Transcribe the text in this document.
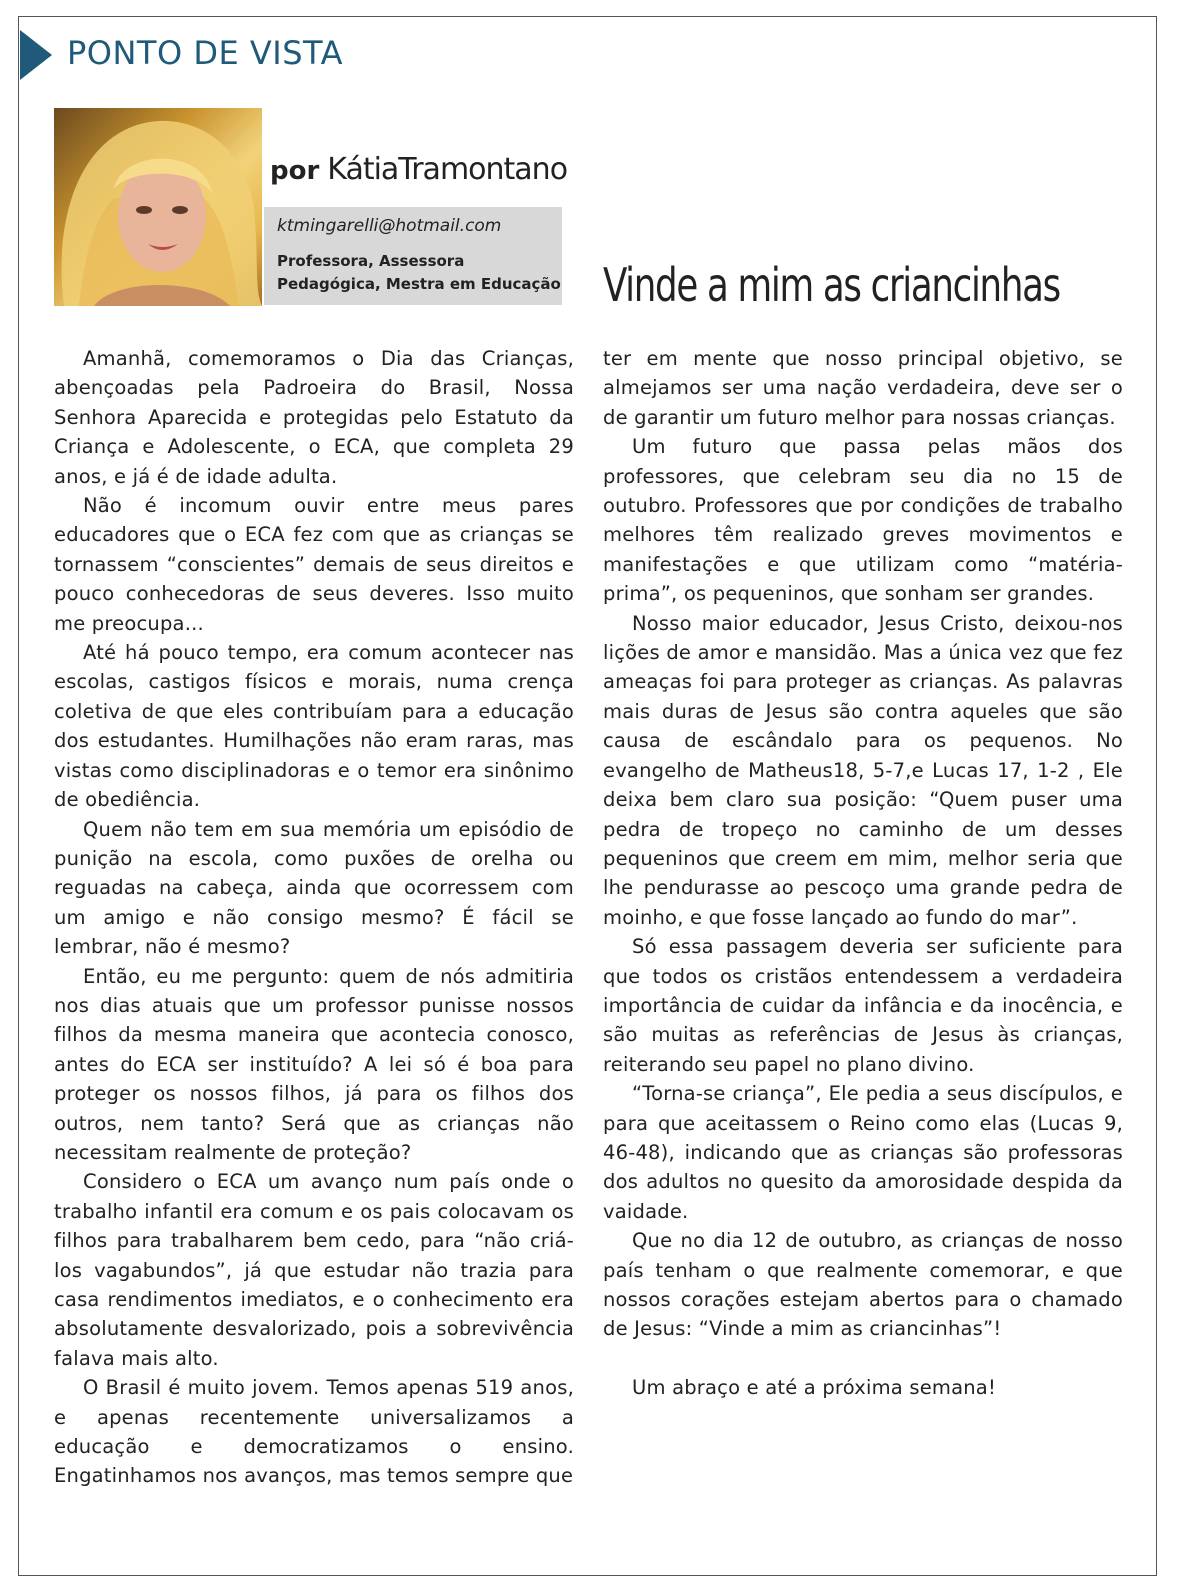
PONTO DE VISTA
por KátiaTramontano
ktmingarelli@hotmail.com
Professora, Assessora Pedagógica, Mestra em Educação Vinde a mim as criancinhas

Amanhã, comemoramos o Dia das Crianças, abençoadas pela Padroeira do Brasil, Nossa Senhora Aparecida e protegidas pelo Estatuto da Criança e Adolescente, o ECA, que completa 29 anos, e já é de idade adulta.

Não é incomum ouvir entre meus pares educadores que o ECA fez com que as crianças se tornassem “conscientes” demais de seus direitos e pouco conhecedoras de seus deveres. Isso muito me preocupa...

Até há pouco tempo, era comum acontecer nas escolas, castigos físicos e morais, numa crença coletiva de que eles contribuíam para a educação dos estudantes. Humilhações não eram raras, mas vistas como disciplinadoras e o temor era sinônimo de obediência.

Quem não tem em sua memória um episódio de punição na escola, como puxões de orelha ou reguadas na cabeça, ainda que ocorressem com um amigo e não consigo mesmo? É fácil se lembrar, não é mesmo?

Então, eu me pergunto: quem de nós admitiria nos dias atuais que um professor punisse nossos filhos da mesma maneira que acontecia conosco, antes do ECA ser instituído? A lei só é boa para proteger os nossos filhos, já para os filhos dos outros, nem tanto? Será que as crianças não necessitam realmente de proteção?

Considero o ECA um avanço num país onde o trabalho infantil era comum e os pais colocavam os filhos para trabalharem bem cedo, para “não criá-los vagabundos”, já que estudar não trazia para casa rendimentos imediatos, e o conhecimento era absolutamente desvalorizado, pois a sobrevivência falava mais alto.

O Brasil é muito jovem. Temos apenas 519 anos, e apenas recentemente universalizamos a educação e democratizamos o ensino. Engatinhamos nos avanços, mas temos sempre que

ter em mente que nosso principal objetivo, se almejamos ser uma nação verdadeira, deve ser o de garantir um futuro melhor para nossas crianças.

Um futuro que passa pelas mãos dos professores, que celebram seu dia no 15 de outubro. Professores que por condições de trabalho melhores têm realizado greves movimentos e manifestações e que utilizam como “matéria-prima”, os pequeninos, que sonham ser grandes.

Nosso maior educador, Jesus Cristo, deixou-nos lições de amor e mansidão. Mas a única vez que fez ameaças foi para proteger as crianças. As palavras mais duras de Jesus são contra aqueles que são causa de escândalo para os pequenos. No evangelho de Matheus18, 5-7,e Lucas 17, 1-2 , Ele deixa bem claro sua posição: “Quem puser uma pedra de tropeço no caminho de um desses pequeninos que creem em mim, melhor seria que lhe pendurasse ao pescoço uma grande pedra de moinho, e que fosse lançado ao fundo do mar”.

Só essa passagem deveria ser suficiente para que todos os cristãos entendessem a verdadeira importância de cuidar da infância e da inocência, e são muitas as referências de Jesus às crianças, reiterando seu papel no plano divino.

“Torna-se criança”, Ele pedia a seus discípulos, e para que aceitassem o Reino como elas (Lucas 9, 46-48), indicando que as crianças são professoras dos adultos no quesito da amorosidade despida da vaidade.

Que no dia 12 de outubro, as crianças de nosso país tenham o que realmente comemorar, e que nossos corações estejam abertos para o chamado de Jesus: “Vinde a mim as criancinhas”!

Um abraço e até a próxima semana!
